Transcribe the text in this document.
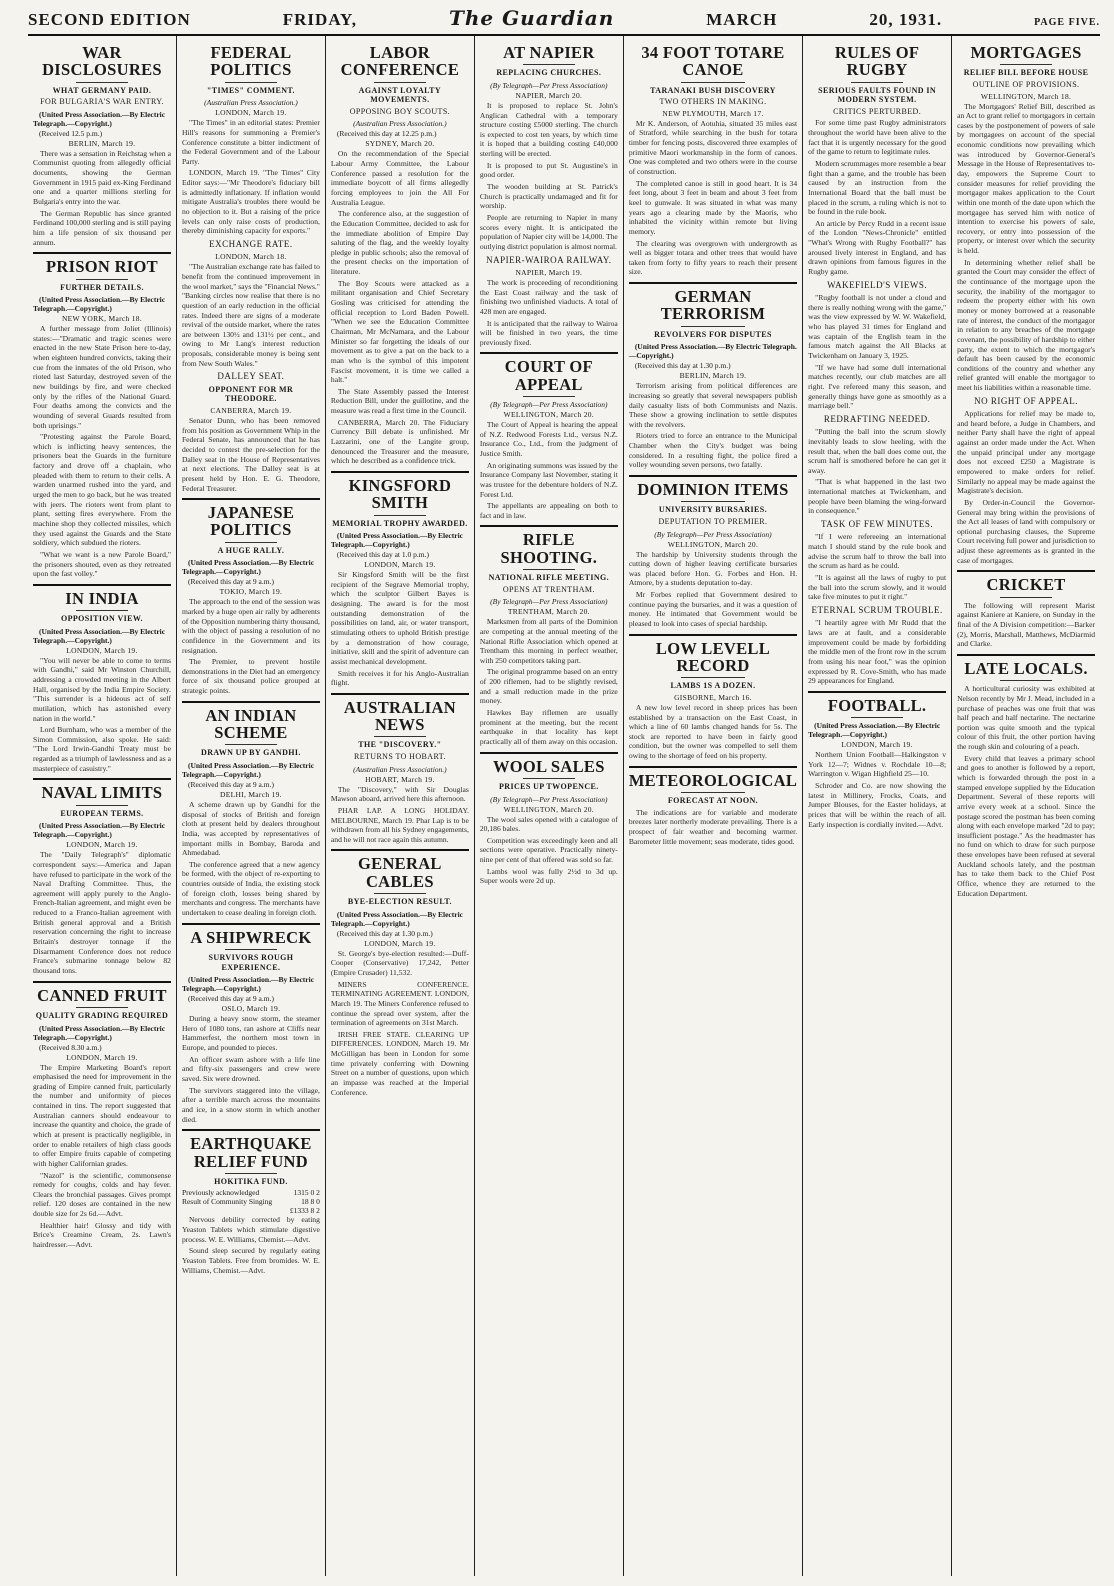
SECOND EDITION	FRIDAY,	The Guardian	MARCH	20, 1931.	PAGE FIVE.
WAR DISCLOSURES
WHAT GERMANY PAID.
FOR BULGARIA'S WAR ENTRY.
(United Press Association.—By Electric Telegraph.—Copyright.)
(Received 12.5 p.m.)
BERLIN, March 19.

There was a sensation in Reichstag when a Communist quoting from allegedly official documents, showing the German Government in 1915 paid ex-King Ferdinand one and a quarter millions sterling for Bulgaria's entry into the war.

The German Republic has since granted Ferdinand 100,000 sterling and is still paying him a life pension of six thousand per annum.

PRISON RIOT
FURTHER DETAILS.
(United Press Association.—By Electric Telegraph.—Copyright.)
NEW YORK, March 18.

A further message from Joliet (Illinois) states:—"Dramatic and tragic scenes were enacted in the new State Prison here to-day, when eighteen hundred convicts, taking their cue from the inmates of the old Prison, who rioted last Saturday, destroyed seven of the new buildings by fire, and were checked only by the rifles of the National Guard. Four deaths among the convicts and the wounding of several Guards resulted from both uprisings."

"Protesting against the Parole Board, which is inflicting heavy sentences, the prisoners beat the Guards in the furniture factory and drove off a chaplain, who pleaded with them to return to their cells. A warden unarmed rushed into the yard, and urged the men to go back, but he was treated with jeers. The rioters went from plant to plant, setting fires everywhere. From the machine shop they collected missiles, which they used against the Guards and the State soldiery, which subdued the rioters.

"What we want is a new Parole Board," the prisoners shouted, even as they retreated upon the fast volley."

IN INDIA
OPPOSITION VIEW.
(United Press Association.—By Electric Telegraph.—Copyright.)
LONDON, March 19.

"You will never be able to come to terms with Gandhi," said Mr Winston Churchill, addressing a crowded meeting in the Albert Hall, organised by the India Empire Society. "This surrender is a hideous act of self mutilation, which has astonished every nation in the world."

Lord Burnham, who was a member of the Simon Commission, also spoke. He said: "The Lord Irwin-Gandhi Treaty must be regarded as a triumph of lawlessness and as a masterpiece of casuistry."

NAVAL LIMITS
EUROPEAN TERMS.
(United Press Association.—By Electric Telegraph.—Copyright.)
LONDON, March 19.

The "Daily Telegraph's" diplomatic correspondent says:—America and Japan have refused to participate in the work of the Naval Drafting Committee. Thus, the agreement will apply purely to the Anglo-French-Italian agreement, and might even be reduced to a Franco-Italian agreement with British general approval and a British reservation concerning the right to increase Britain's destroyer tonnage if the Disarmament Conference does not reduce France's submarine tonnage below 82 thousand tons.

CANNED FRUIT
QUALITY GRADING REQUIRED
(United Press Association.—By Electric Telegraph.—Copyright.)
(Received 8.30 a.m.)
LONDON, March 19.

The Empire Marketing Board's report emphasised the need for improvement in the grading of Empire canned fruit, particularly the number and uniformity of pieces contained in tins. The report suggested that Australian canners should endeavour to increase the quantity and choice, the grade of which at present is practically negligible, in order to enable retailers of high class goods to offer Empire fruits capable of competing with higher Californian grades.

"Nazol" is the scientific, commonsense remedy for coughs, colds and hay fever. Clears the bronchial passages. Gives prompt relief. 120 doses are contained in the new double size for 2s 6d.—Advt.

Healthier hair! Glossy and tidy with Brice's Creamine Cream, 2s. Lawn's hairdresser.—Advt.

FEDERAL POLITICS
"TIMES" COMMENT.
(Australian Press Association.)
LONDON, March 19.

"The Times" in an editorial states: Premier Hill's reasons for summoning a Premier's Conference constitute a bitter indictment of the Federal Government and of the Labour Party.

LONDON, March 19. "The Times" City Editor says:—"Mr Theodore's fiduciary bill is admittedly inflationary. If inflation would mitigate Australia's troubles there would be no objection to it. But a raising of the price levels can only raise costs of production, thereby diminishing capacity for exports."

EXCHANGE RATE.
LONDON, March 18.

"The Australian exchange rate has failed to benefit from the continued improvement in the wool market," says the "Financial News." "Banking circles now realise that there is no question of an early reduction in the official rates. Indeed there are signs of a moderate revival of the outside market, where the rates are between 130½ and 131½ per cent., and owing to Mr Lang's interest reduction proposals, considerable money is being sent from New South Wales."

DALLEY SEAT.
OPPONENT FOR MR THEODORE.
CANBERRA, March 19.

Senator Dunn, who has been removed from his position as Government Whip in the Federal Senate, has announced that he has decided to contest the pre-selection for the Dalley seat in the House of Representatives at next elections. The Dalley seat is at present held by Hon. E. G. Theodore, Federal Treasurer.

JAPANESE POLITICS
A HUGE RALLY.
(United Press Association.—By Electric Telegraph.—Copyright.)
(Received this day at 9 a.m.)
TOKIO, March 19.

The approach to the end of the session was marked by a huge open air rally by adherents of the Opposition numbering thirty thousand, with the object of passing a resolution of no confidence in the Government and its resignation.

The Premier, to prevent hostile demonstrations in the Diet had an emergency force of six thousand police grouped at strategic points.

AN INDIAN SCHEME
DRAWN UP BY GANDHI.
(United Press Association.—By Electric Telegraph.—Copyright.)
(Received this day at 9 a.m.)
DELHI, March 19.

A scheme drawn up by Gandhi for the disposal of stocks of British and foreign cloth at present held by dealers throughout India, was accepted by representatives of important mills in Bombay, Baroda and Ahmedabad.

The conference agreed that a new agency be formed, with the object of re-exporting to countries outside of India, the existing stock of foreign cloth, losses being shared by merchants and congress. The merchants have undertaken to cease dealing in foreign cloth.

A SHIPWRECK
SURVIVORS ROUGH EXPERIENCE.
(United Press Association.—By Electric Telegraph.—Copyright.)
(Received this day at 9 a.m.)
OSLO, March 19.

During a heavy snow storm, the steamer Hero of 1080 tons, ran ashore at Cliffs near Hammerfest, the northern most town in Europe, and pounded to pieces.

An officer swam ashore with a life line and fifty-six passengers and crew were saved. Six were drowned.

The survivors staggered into the village, after a terrible march across the mountains and ice, in a snow storm in which another died.

EARTHQUAKE RELIEF FUND
HOKITIKA FUND.
Previously acknowledged	1315 0 2
Result of Community Singing	18 8 0
£1333 8 2

Nervous debility corrected by eating Yeaston Tablets which stimulate digestive process. W. E. Williams, Chemist.—Advt.

Sound sleep secured by regularly eating Yeaston Tablets. Free from bromides. W. E. Williams, Chemist.—Advt.

LABOR CONFERENCE
AGAINST LOYALTY MOVEMENTS.
OPPOSING BOY SCOUTS.
(Australian Press Association.)
(Received this day at 12.25 p.m.)
SYDNEY, March 20.

On the recommendation of the Special Labour Army Committee, the Labour Conference passed a resolution for the immediate boycott of all firms allegedly forcing employees to join the All For Australia League.

The conference also, at the suggestion of the Education Committee, decided to ask for the immediate abolition of Empire Day saluting of the flag, and the weekly loyalty pledge in public schools; also the removal of the present checks on the importation of literature.

The Boy Scouts were attacked as a militant organisation and Chief Secretary Gosling was criticised for attending the official reception to Lord Baden Powell. "When we see the Education Committee Chairman, Mr McNamara, and the Labour Minister so far forgetting the ideals of our movement as to give a pat on the back to a man who is the symbol of this impotent Fascist movement, it is time we called a halt."

The State Assembly passed the Interest Reduction Bill, under the guillotine, and the measure was read a first time in the Council.

CANBERRA, March 20. The Fiduciary Currency Bill debate is unfinished. Mr Lazzarini, one of the Langite group, denounced the Treasurer and the measure, which he described as a confidence trick.

KINGSFORD SMITH
MEMORIAL TROPHY AWARDED.
(United Press Association.—By Electric Telegraph.—Copyright.)
(Received this day at 1.0 p.m.)
LONDON, March 19.

Sir Kingsford Smith will be the first recipient of the Segrave Memorial trophy, which the sculptor Gilbert Bayes is designing. The award is for the most outstanding demonstration of the possibilities on land, air, or water transport, stimulating others to uphold British prestige by a demonstration of how courage, initiative, skill and the spirit of adventure can assist mechanical development.

Smith receives it for his Anglo-Australian flight.

AUSTRALIAN NEWS
THE "DISCOVERY."
RETURNS TO HOBART.
(Australian Press Association.)
HOBART, March 19.

The "Discovery," with Sir Douglas Mawson aboard, arrived here this afternoon.

PHAR LAP. A LONG HOLIDAY. MELBOURNE, March 19. Phar Lap is to be withdrawn from all his Sydney engagements, and he will not race again this autumn.

GENERAL CABLES
BYE-ELECTION RESULT.
(United Press Association.—By Electric Telegraph.—Copyright.)
(Received this day at 1.30 p.m.)
LONDON, March 19.

St. George's bye-election resulted:—Duff-Cooper (Conservative) 17,242, Petter (Empire Crusader) 11,532.

MINERS CONFERENCE. TERMINATING AGREEMENT. LONDON, March 19. The Miners Conference refused to continue the spread over system, after the termination of agreements on 31st March.

IRISH FREE STATE. CLEARING UP DIFFERENCES. LONDON, March 19. Mr McGilligan has been in London for some time privately conferring with Downing Street on a number of questions, upon which an impasse was reached at the Imperial Conference.

AT NAPIER
REPLACING CHURCHES.
(By Telegraph—Per Press Association)
NAPIER, March 20.

It is proposed to replace St. John's Anglican Cathedral with a temporary structure costing £5000 sterling. The church is expected to cost ten years, by which time it is hoped that a building costing £40,000 sterling will be erected.

It is proposed to put St. Augustine's in good order.

The wooden building at St. Patrick's Church is practically undamaged and fit for worship.

People are returning to Napier in many scores every night. It is anticipated the population of Napier city will be 14,000. The outlying district population is almost normal.

NAPIER-WAIROA RAILWAY.
NAPIER, March 19.

The work is proceeding of reconditioning the East Coast railway and the task of finishing two unfinished viaducts. A total of 428 men are engaged.

It is anticipated that the railway to Wairoa will be finished in two years, the time previously fixed.

COURT OF APPEAL
(By Telegraph—Per Press Association)
WELLINGTON, March 20.

The Court of Appeal is hearing the appeal of N.Z. Redwood Forests Ltd., versus N.Z. Insurance Co., Ltd., from the judgment of Justice Smith.

An originating summons was issued by the Insurance Company last November, stating it was trustee for the debenture holders of N.Z. Forest Ltd.

The appellants are appealing on both to fact and in law.

RIFLE SHOOTING.
NATIONAL RIFLE MEETING.
OPENS AT TRENTHAM.
(By Telegraph—Per Press Association)
TRENTHAM, March 20.

Marksmen from all parts of the Dominion are competing at the annual meeting of the National Rifle Association which opened at Trentham this morning in perfect weather, with 250 competitors taking part.

The original programme based on an entry of 200 riflemen, had to be slightly revised, and a small reduction made in the prize money.

Hawkes Bay riflemen are usually prominent at the meeting, but the recent earthquake in that locality has kept practically all of them away on this occasion.

WOOL SALES
PRICES UP TWOPENCE.
(By Telegraph—Per Press Association)
WELLINGTON, March 20.

The wool sales opened with a catalogue of 20,186 bales.

Competition was exceedingly keen and all sections were operative. Practically ninety-nine per cent of that offered was sold so far.

Lambs wool was fully 2½d to 3d up. Super wools were 2d up.

34 FOOT TOTARE CANOE
TARANAKI BUSH DISCOVERY
TWO OTHERS IN MAKING.
NEW PLYMOUTH, March 17.

Mr K. Anderson, of Aotuhia, situated 35 miles east of Stratford, while searching in the bush for totara timber for fencing posts, discovered three examples of primitive Maori workmanship in the form of canoes. One was completed and two others were in the course of construction.

The completed canoe is still in good heart. It is 34 feet long, about 3 feet in beam and about 3 feet from keel to gunwale. It was situated in what was many years ago a clearing made by the Maoris, who inhabited the vicinity within remote but living memory.

The clearing was overgrown with undergrowth as well as bigger totara and other trees that would have taken from forty to fifty years to reach their present size.

GERMAN TERRORISM
REVOLVERS FOR DISPUTES
(United Press Association.—By Electric Telegraph.—Copyright.)
(Received this day at 1.30 p.m.)
BERLIN, March 19.

Terrorism arising from political differences are increasing so greatly that several newspapers publish daily casualty lists of both Communists and Nazis. These show a growing inclination to settle disputes with the revolvers.

Rioters tried to force an entrance to the Municipal Chamber when the City's budget was being considered. In a resulting fight, the police fired a volley wounding seven persons, two fatally.

DOMINION ITEMS
UNIVERSITY BURSARIES.
DEPUTATION TO PREMIER.
(By Telegraph—Per Press Association)
WELLINGTON, March 20.

The hardship by University students through the cutting down of higher leaving certificate bursaries was placed before Hon. G. Forbes and Hon. H. Atmore, by a students deputation to-day.

Mr Forbes replied that Government desired to continue paying the bursaries, and it was a question of money. He intimated that Government would be pleased to look into cases of special hardship.

LOW LEVELL RECORD
LAMBS 1S A DOZEN.
GISBORNE, March 16.

A new low level record in sheep prices has been established by a transaction on the East Coast, in which a line of 60 lambs changed hands for 5s. The stock are reported to have been in fairly good condition, but the owner was compelled to sell them owing to the shortage of feed on his property.

METEOROLOGICAL
FORECAST AT NOON.

The indications are for variable and moderate breezes later northerly moderate prevailing. There is a prospect of fair weather and becoming warmer. Barometer little movement; seas moderate, tides good.

RULES OF RUGBY
SERIOUS FAULTS FOUND IN MODERN SYSTEM.
CRITICS PERTURBED.

For some time past Rugby administrators throughout the world have been alive to the fact that it is urgently necessary for the good of the game to return to legitimate rules.

Modern scrummages more resemble a bear fight than a game, and the trouble has been caused by an instruction from the International Board that the ball must be placed in the scrum, a ruling which is not to be found in the rule book.

An article by Percy Rudd in a recent issue of the London "News-Chronicle" entitled "What's Wrong with Rugby Football?" has aroused lively interest in England, and has drawn opinions from famous figures in the Rugby game.

WAKEFIELD'S VIEWS.

"Rugby football is not under a cloud and there is really nothing wrong with the game," was the view expressed by W. W. Wakefield, who has played 31 times for England and was captain of the English team in the famous match against the All Blacks at Twickenham on January 3, 1925.

"If we have had some dull international matches recently, our club matches are all right. I've refereed many this season, and generally things have gone as smoothly as a marriage bell."

REDRAFTING NEEDED.

"Putting the ball into the scrum slowly inevitably leads to slow heeling, with the result that, when the ball does come out, the scrum half is smothered before he can get it away.

"That is what happened in the last two international matches at Twickenham, and people have been blaming the wing-forward in consequence."

TASK OF FEW MINUTES.

"If I were refereeing an international match I should stand by the rule book and advise the scrum half to throw the ball into the scrum as hard as he could.

"It is against all the laws of rugby to put the ball into the scrum slowly, and it would take five minutes to put it right."

ETERNAL SCRUM TROUBLE.

"I heartily agree with Mr Rudd that the laws are at fault, and a considerable improvement could be made by forbidding the middle men of the front row in the scrum from using his near foot," was the opinion expressed by R. Cove-Smith, who has made 29 appearances for England.

FOOTBALL.
(United Press Association.—By Electric Telegraph.—Copyright.)
LONDON, March 19.

Northern Union Football—Halkingston v York 12—7; Widnes v. Rochdale 10—8; Warrington v. Wigan Highfield 25—10.

Schroder and Co. are now showing the latest in Millinery, Frocks, Coats, and Jumper Blouses, for the Easter holidays, at prices that will be within the reach of all. Early inspection is cordially invited.—Advt.

MORTGAGES
RELIEF BILL BEFORE HOUSE
OUTLINE OF PROVISIONS.
WELLINGTON, March 18.

The Mortgagors' Relief Bill, described as an Act to grant relief to mortgagors in certain cases by the postponement of powers of sale by mortgagees on account of the special economic conditions now prevailing which was introduced by Governor-General's Message in the House of Representatives to-day, empowers the Supreme Court to consider measures for relief providing the mortgagor makes application to the Court within one month of the date upon which the mortgagee has served him with notice of intention to exercise his powers of sale, recovery, or entry into possession of the property, or interest over which the security is held.

In determining whether relief shall be granted the Court may consider the effect of the continuance of the mortgage upon the security, the inability of the mortgagor to redeem the property either with his own money or money borrowed at a reasonable rate of interest, the conduct of the mortgagor in relation to any breaches of the mortgage covenant, the possibility of hardship to either party, the extent to which the mortgagor's default has been caused by the economic conditions of the country and whether any relief granted will enable the mortgagor to meet his liabilities within a reasonable time.

NO RIGHT OF APPEAL.

Applications for relief may be made to, and heard before, a Judge in Chambers, and neither Party shall have the right of appeal against an order made under the Act. When the unpaid principal under any mortgage does not exceed £250 a Magistrate is empowered to make orders for relief. Similarly no appeal may be made against the Magistrate's decision.

By Order-in-Council the Governor-General may bring within the provisions of the Act all leases of land with compulsory or optional purchasing clauses, the Supreme Court receiving full power and jurisdiction to adjust these agreements as is granted in the case of mortgages.

CRICKET

The following will represent Marist against Kaniere at Kaniere, on Sunday in the final of the A Division competition:—Barker (2), Morris, Marshall, Matthews, McDiarmid and Clarke.

LATE LOCALS.

A horticultural curiosity was exhibited at Nelson recently by Mr J. Mead, included in a purchase of peaches was one fruit that was half peach and half nectarine. The nectarine portion was quite smooth and the typical colour of this fruit, the other portion having the rough skin and colouring of a peach.

Every child that leaves a primary school and goes to another is followed by a report, which is forwarded through the post in a stamped envelope supplied by the Education Department. Several of these reports will arrive every week at a school. Since the postage scored the postman has been coming along with each envelope marked "2d to pay; insufficient postage." As the headmaster has no fund on which to draw for such purpose these envelopes have been refused at several Auckland schools lately, and the postman has to take them back to the Chief Post Office, whence they are returned to the Education Department.
